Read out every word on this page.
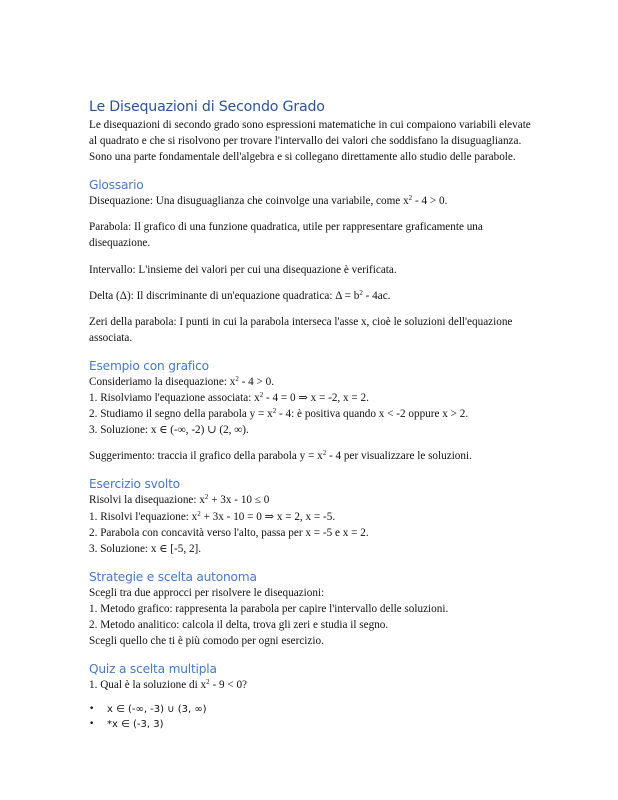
Le Disequazioni di Secondo Grado

Le disequazioni di secondo grado sono espressioni matematiche in cui compaiono variabili elevate al quadrato e che si risolvono per trovare l'intervallo dei valori che soddisfano la disuguaglianza. Sono una parte fondamentale dell'algebra e si collegano direttamente allo studio delle parabole.

Glossario

Disequazione: Una disuguaglianza che coinvolge una variabile, come $x^2 - 4 > 0$.

Parabola: Il grafico di una funzione quadratica, utile per rappresentare graficamente una disequazione.

Intervallo: L'insieme dei valori per cui una disequazione è verificata.

Delta (Δ): Il discriminante di un'equazione quadratica: $\Delta = b^2 - 4ac$.

Zeri della parabola: I punti in cui la parabola interseca l'asse x, cioè le soluzioni dell'equazione associata.

Esempio con grafico

Consideriamo la disequazione: $x^2 - 4 > 0$.

1. Risolviamo l'equazione associata: $x^2 - 4 = 0$ ⇒ x = -2, x = 2.

2. Studiamo il segno della parabola $y = x^2 - 4$: è positiva quando x < -2 oppure x > 2.

3. Soluzione: x ∈ (-∞, -2) ∪ (2, ∞).

Suggerimento: traccia il grafico della parabola $y = x^2 - 4$ per visualizzare le soluzioni.

Esercizio svolto

Risolvi la disequazione: $x^2 + 3x - 10 \le 0$

1. Risolvi l'equazione: $x^2 + 3x - 10 = 0$ ⇒ x = 2, x = -5.

2. Parabola con concavità verso l'alto, passa per x = -5 e x = 2.

3. Soluzione: x ∈ [-5, 2].

Strategie e scelta autonoma

Scegli tra due approcci per risolvere le disequazioni:

1. Metodo grafico: rappresenta la parabola per capire l'intervallo delle soluzioni.

2. Metodo analitico: calcola il delta, trova gli zeri e studia il segno.

Scegli quello che ti è più comodo per ogni esercizio.

Quiz a scelta multipla

1. Qual è la soluzione di $x^2 - 9 < 0$?

• x ∈ (-∞, -3) ∪ (3, ∞)
• *x ∈ (-3, 3)
